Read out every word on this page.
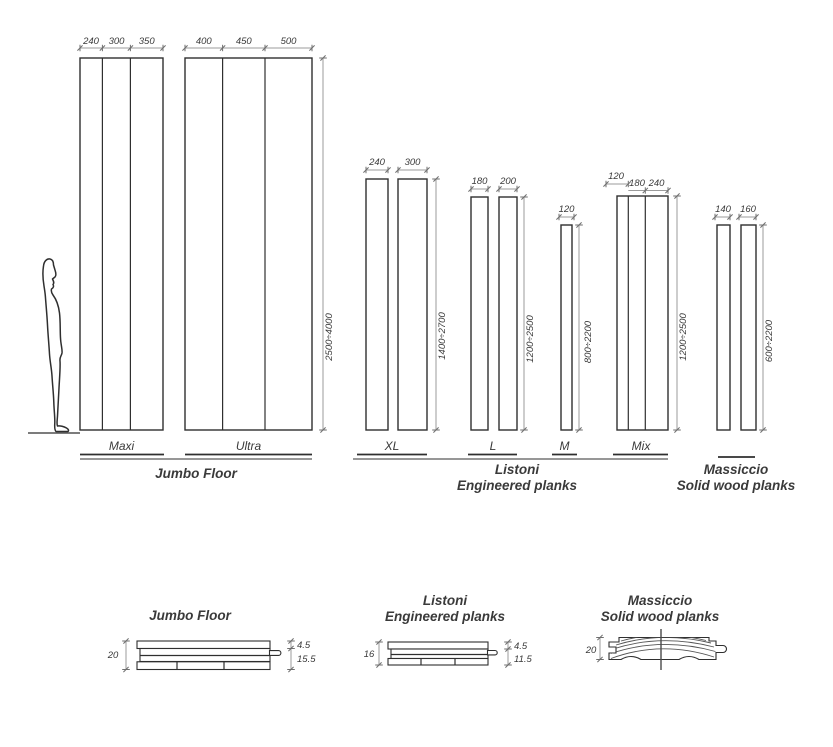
240 300 350	400	450	500
2500÷4000
Maxi	Ultra
Jumbo Floor
240 300
1400÷2700
180 200
1200÷2500
120
800÷2200
120
180 240
1200÷2500
XL	L	M	Mix
Listoni
Engineered planks
140 160
600÷2200
Massiccio
Solid wood planks
Jumbo Floor
20
4.5
15.5
Listoni
Engineered planks
16
4.5
11.5
Massiccio
Solid wood planks
20
